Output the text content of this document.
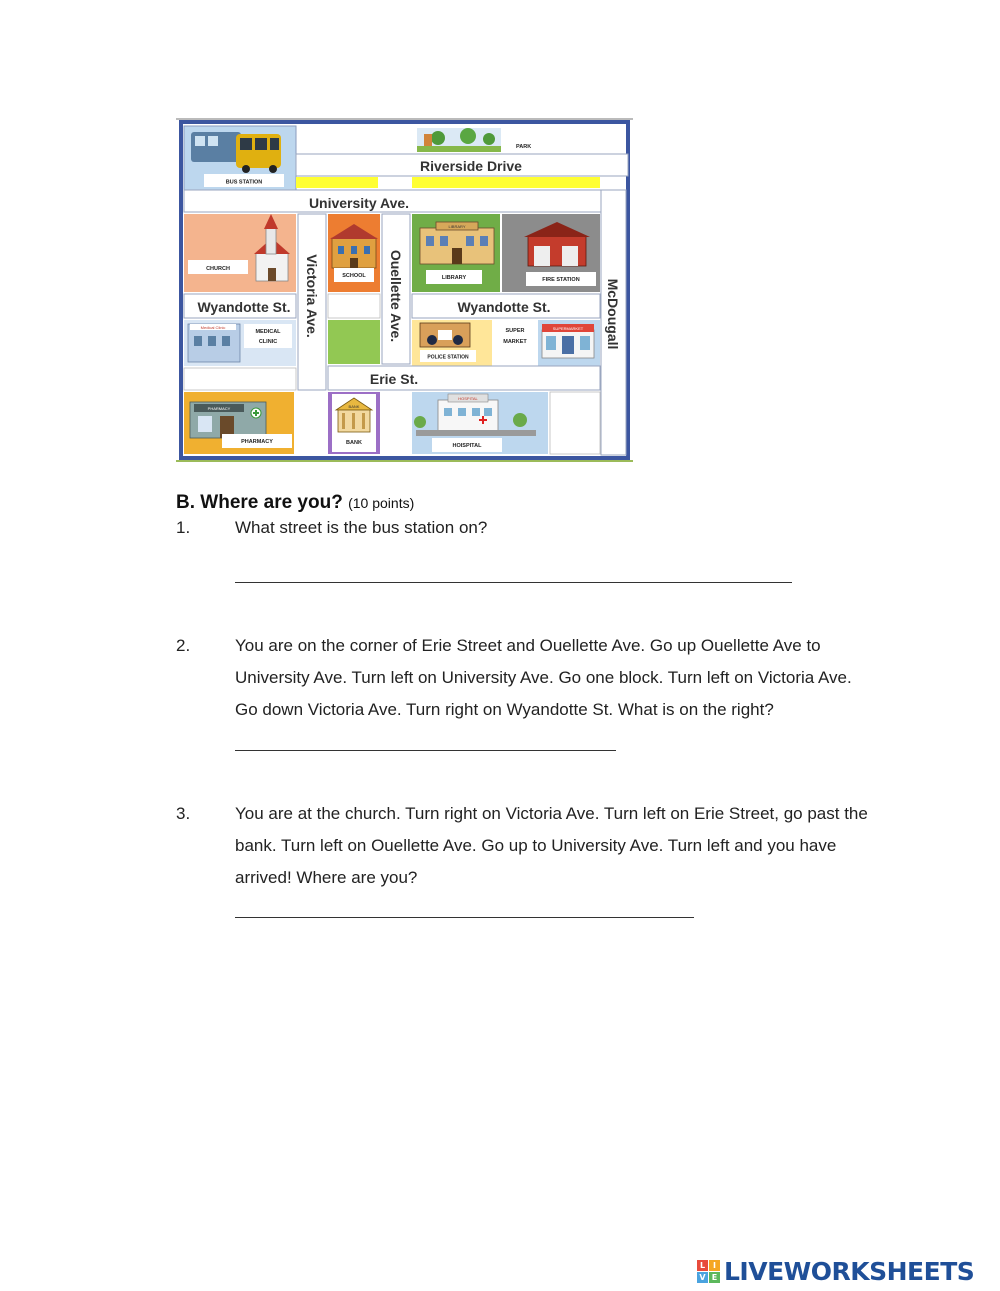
BUS STATION
PARK
Riverside Drive
University Ave.
CHURCH	Victoria Ave.	SCHOOL Ouellette Ave.
LIBRARY
LIBRARY	FIRE STATION McDougall
Wyandotte St.	Wyandotte St.
Medical Clinic
MEDICAL
CLINIC
POLICE STATION
SUPER
MARKET
SUPERMARKET
Erie St.
PHARMACY
PHARMACY
BANK
BANK
HOSPITAL
HOISPITAL
B. Where are you? (10 points)
1.	What street is the bus station on?
2.	You are on the corner of Erie Street and Ouellette Ave. Go up Ouellette Ave to University Ave. Turn left on University Ave. Go one block. Turn left on Victoria Ave. Go down Victoria Ave. Turn right on Wyandotte St. What is on the right?
3.	You are at the church. Turn right on Victoria Ave. Turn left on Erie Street, go past the bank. Turn left on Ouellette Ave. Go up to University Ave. Turn left and you have arrived! Where are you?
L I
V E LIVEWORKSHEETS
